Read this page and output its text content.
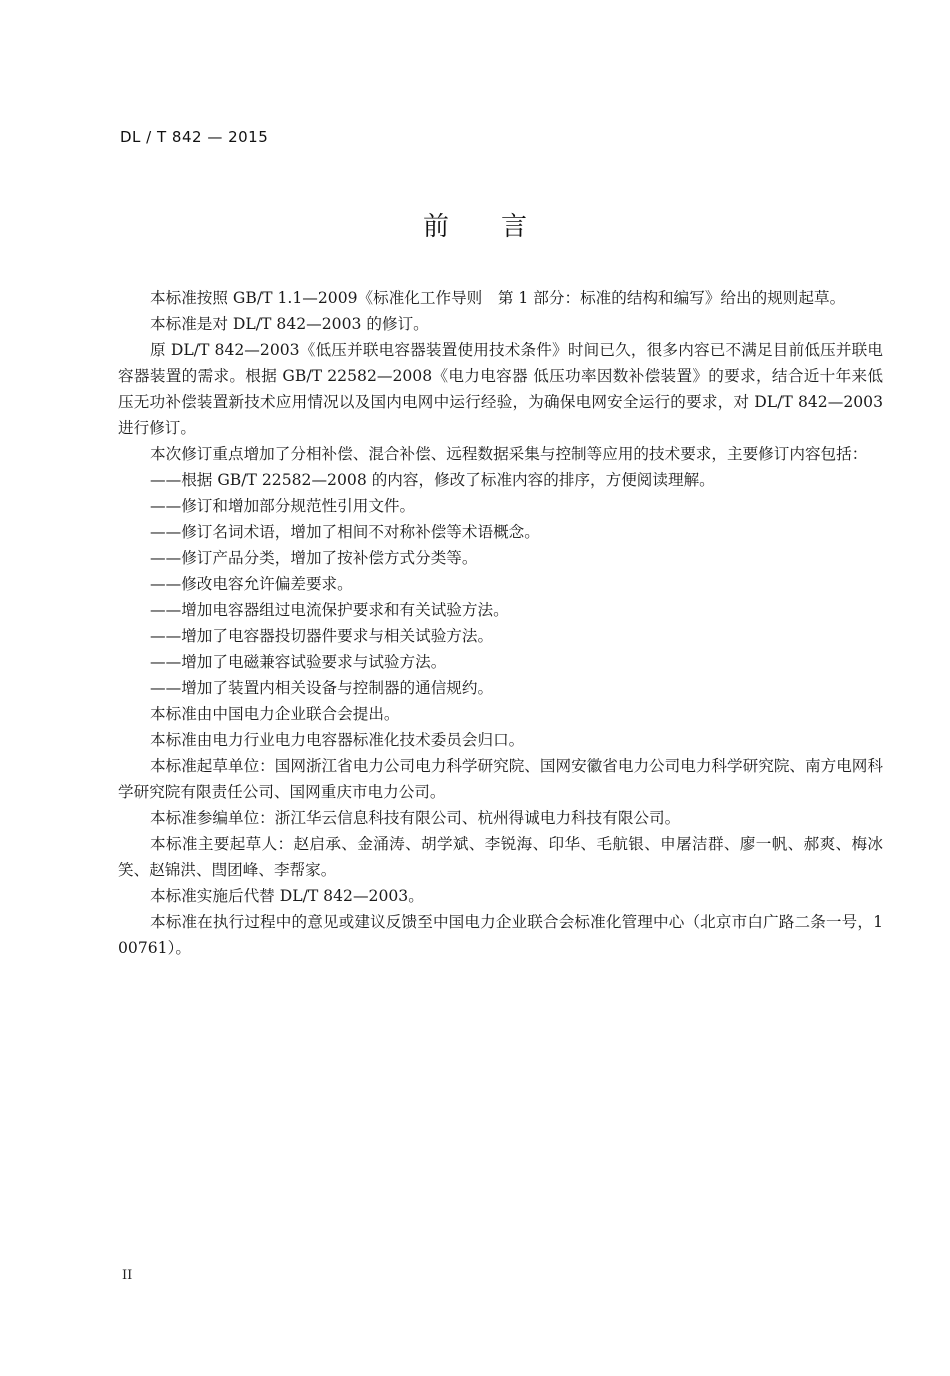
DL / T 842 — 2015
前言

本标准按照 GB/T 1.1—2009《标准化工作导则　第 1 部分：标准的结构和编写》给出的规则起草。

本标准是对 DL/T 842—2003 的修订。

原 DL/T 842—2003《低压并联电容器装置使用技术条件》时间已久，很多内容已不满足目前低压并联电容器装置的需求。根据 GB/T 22582—2008《电力电容器 低压功率因数补偿装置》的要求，结合近十年来低压无功补偿装置新技术应用情况以及国内电网中运行经验，为确保电网安全运行的要求，对 DL/T 842—2003 进行修订。

本次修订重点增加了分相补偿、混合补偿、远程数据采集与控制等应用的技术要求，主要修订内容包括：

——根据 GB/T 22582—2008 的内容，修改了标准内容的排序，方便阅读理解。

——修订和增加部分规范性引用文件。

——修订名词术语，增加了相间不对称补偿等术语概念。

——修订产品分类，增加了按补偿方式分类等。

——修改电容允许偏差要求。

——增加电容器组过电流保护要求和有关试验方法。

——增加了电容器投切器件要求与相关试验方法。

——增加了电磁兼容试验要求与试验方法。

——增加了装置内相关设备与控制器的通信规约。

本标准由中国电力企业联合会提出。

本标准由电力行业电力电容器标准化技术委员会归口。

本标准起草单位：国网浙江省电力公司电力科学研究院、国网安徽省电力公司电力科学研究院、南方电网科学研究院有限责任公司、国网重庆市电力公司。

本标准参编单位：浙江华云信息科技有限公司、杭州得诚电力科技有限公司。

本标准主要起草人：赵启承、金涌涛、胡学斌、李锐海、印华、毛航银、申屠洁群、廖一帆、郝爽、梅冰笑、赵锦洪、閆团峰、李帮家。

本标准实施后代替 DL/T 842—2003。

本标准在执行过程中的意见或建议反馈至中国电力企业联合会标准化管理中心（北京市白广路二条一号，100761）。

II
